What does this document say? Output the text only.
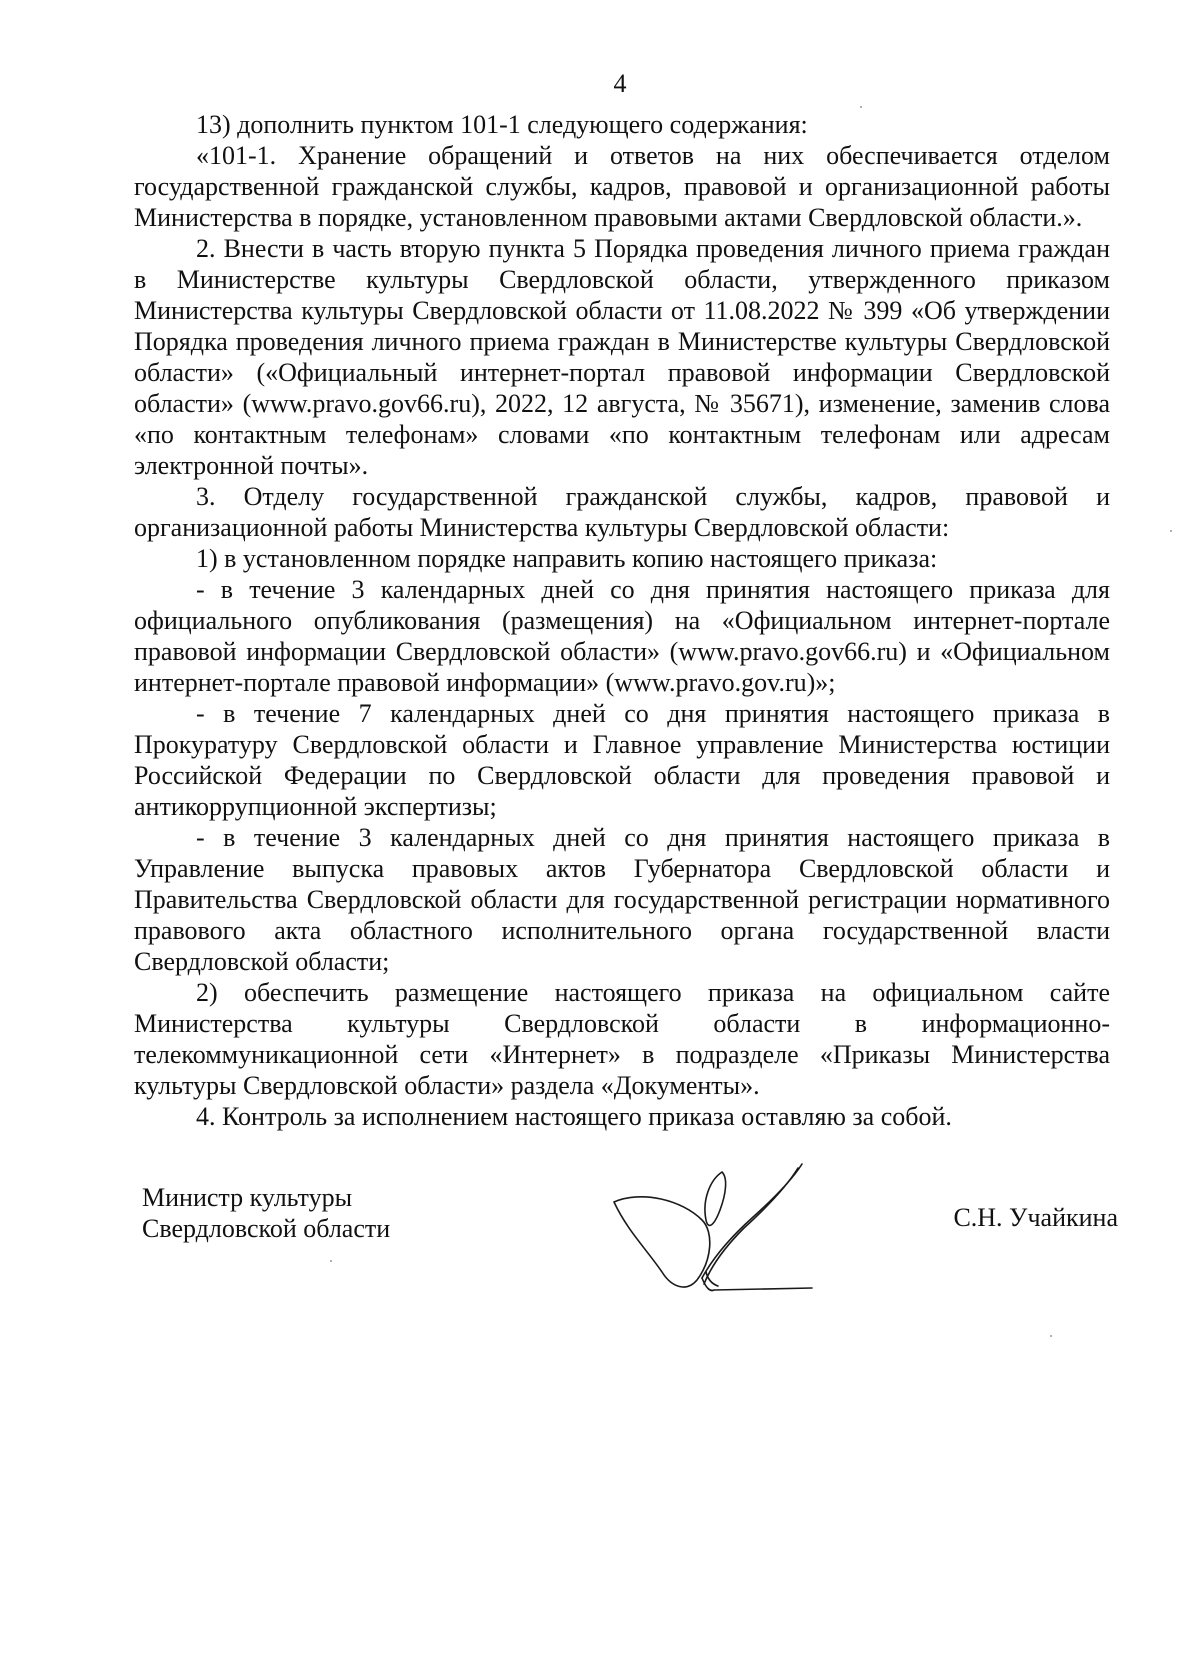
4

13) дополнить пунктом 101-1 следующего содержания:

«101-1. Хранение обращений и ответов на них обеспечивается отделом государственной гражданской службы, кадров, правовой и организационной работы Министерства в порядке, установленном правовыми актами Свердловской области.».

2. Внести в часть вторую пункта 5 Порядка проведения личного приема граждан в Министерстве культуры Свердловской области, утвержденного приказом Министерства культуры Свердловской области от 11.08.2022 № 399 «Об утверждении Порядка проведения личного приема граждан в Министерстве культуры Свердловской области» («Официальный интернет-портал правовой информации Свердловской области» (www.pravo.gov66.ru), 2022, 12 августа, № 35671), изменение, заменив слова «по контактным телефонам» словами «по контактным телефонам или адресам электронной почты».

3. Отделу государственной гражданской службы, кадров, правовой и организационной работы Министерства культуры Свердловской области:

1) в установленном порядке направить копию настоящего приказа:

- в течение 3 календарных дней со дня принятия настоящего приказа для официального опубликования (размещения) на «Официальном интернет-портале правовой информации Свердловской области» (www.pravo.gov66.ru) и «Официальном интернет-портале правовой информации» (www.pravo.gov.ru)»;

- в течение 7 календарных дней со дня принятия настоящего приказа в Прокуратуру Свердловской области и Главное управление Министерства юстиции Российской Федерации по Свердловской области для проведения правовой и антикоррупционной экспертизы;

- в течение 3 календарных дней со дня принятия настоящего приказа в Управление выпуска правовых актов Губернатора Свердловской области и Правительства Свердловской области для государственной регистрации нормативного правового акта областного исполнительного органа государственной власти Свердловской области;

2) обеспечить размещение настоящего приказа на официальном сайте Министерства культуры Свердловской области в информационно-телекоммуникационной сети «Интернет» в подразделе «Приказы Министерства культуры Свердловской области» раздела «Документы».

4. Контроль за исполнением настоящего приказа оставляю за собой.

Министр культуры
Свердловской области	С.Н. Учайкина
